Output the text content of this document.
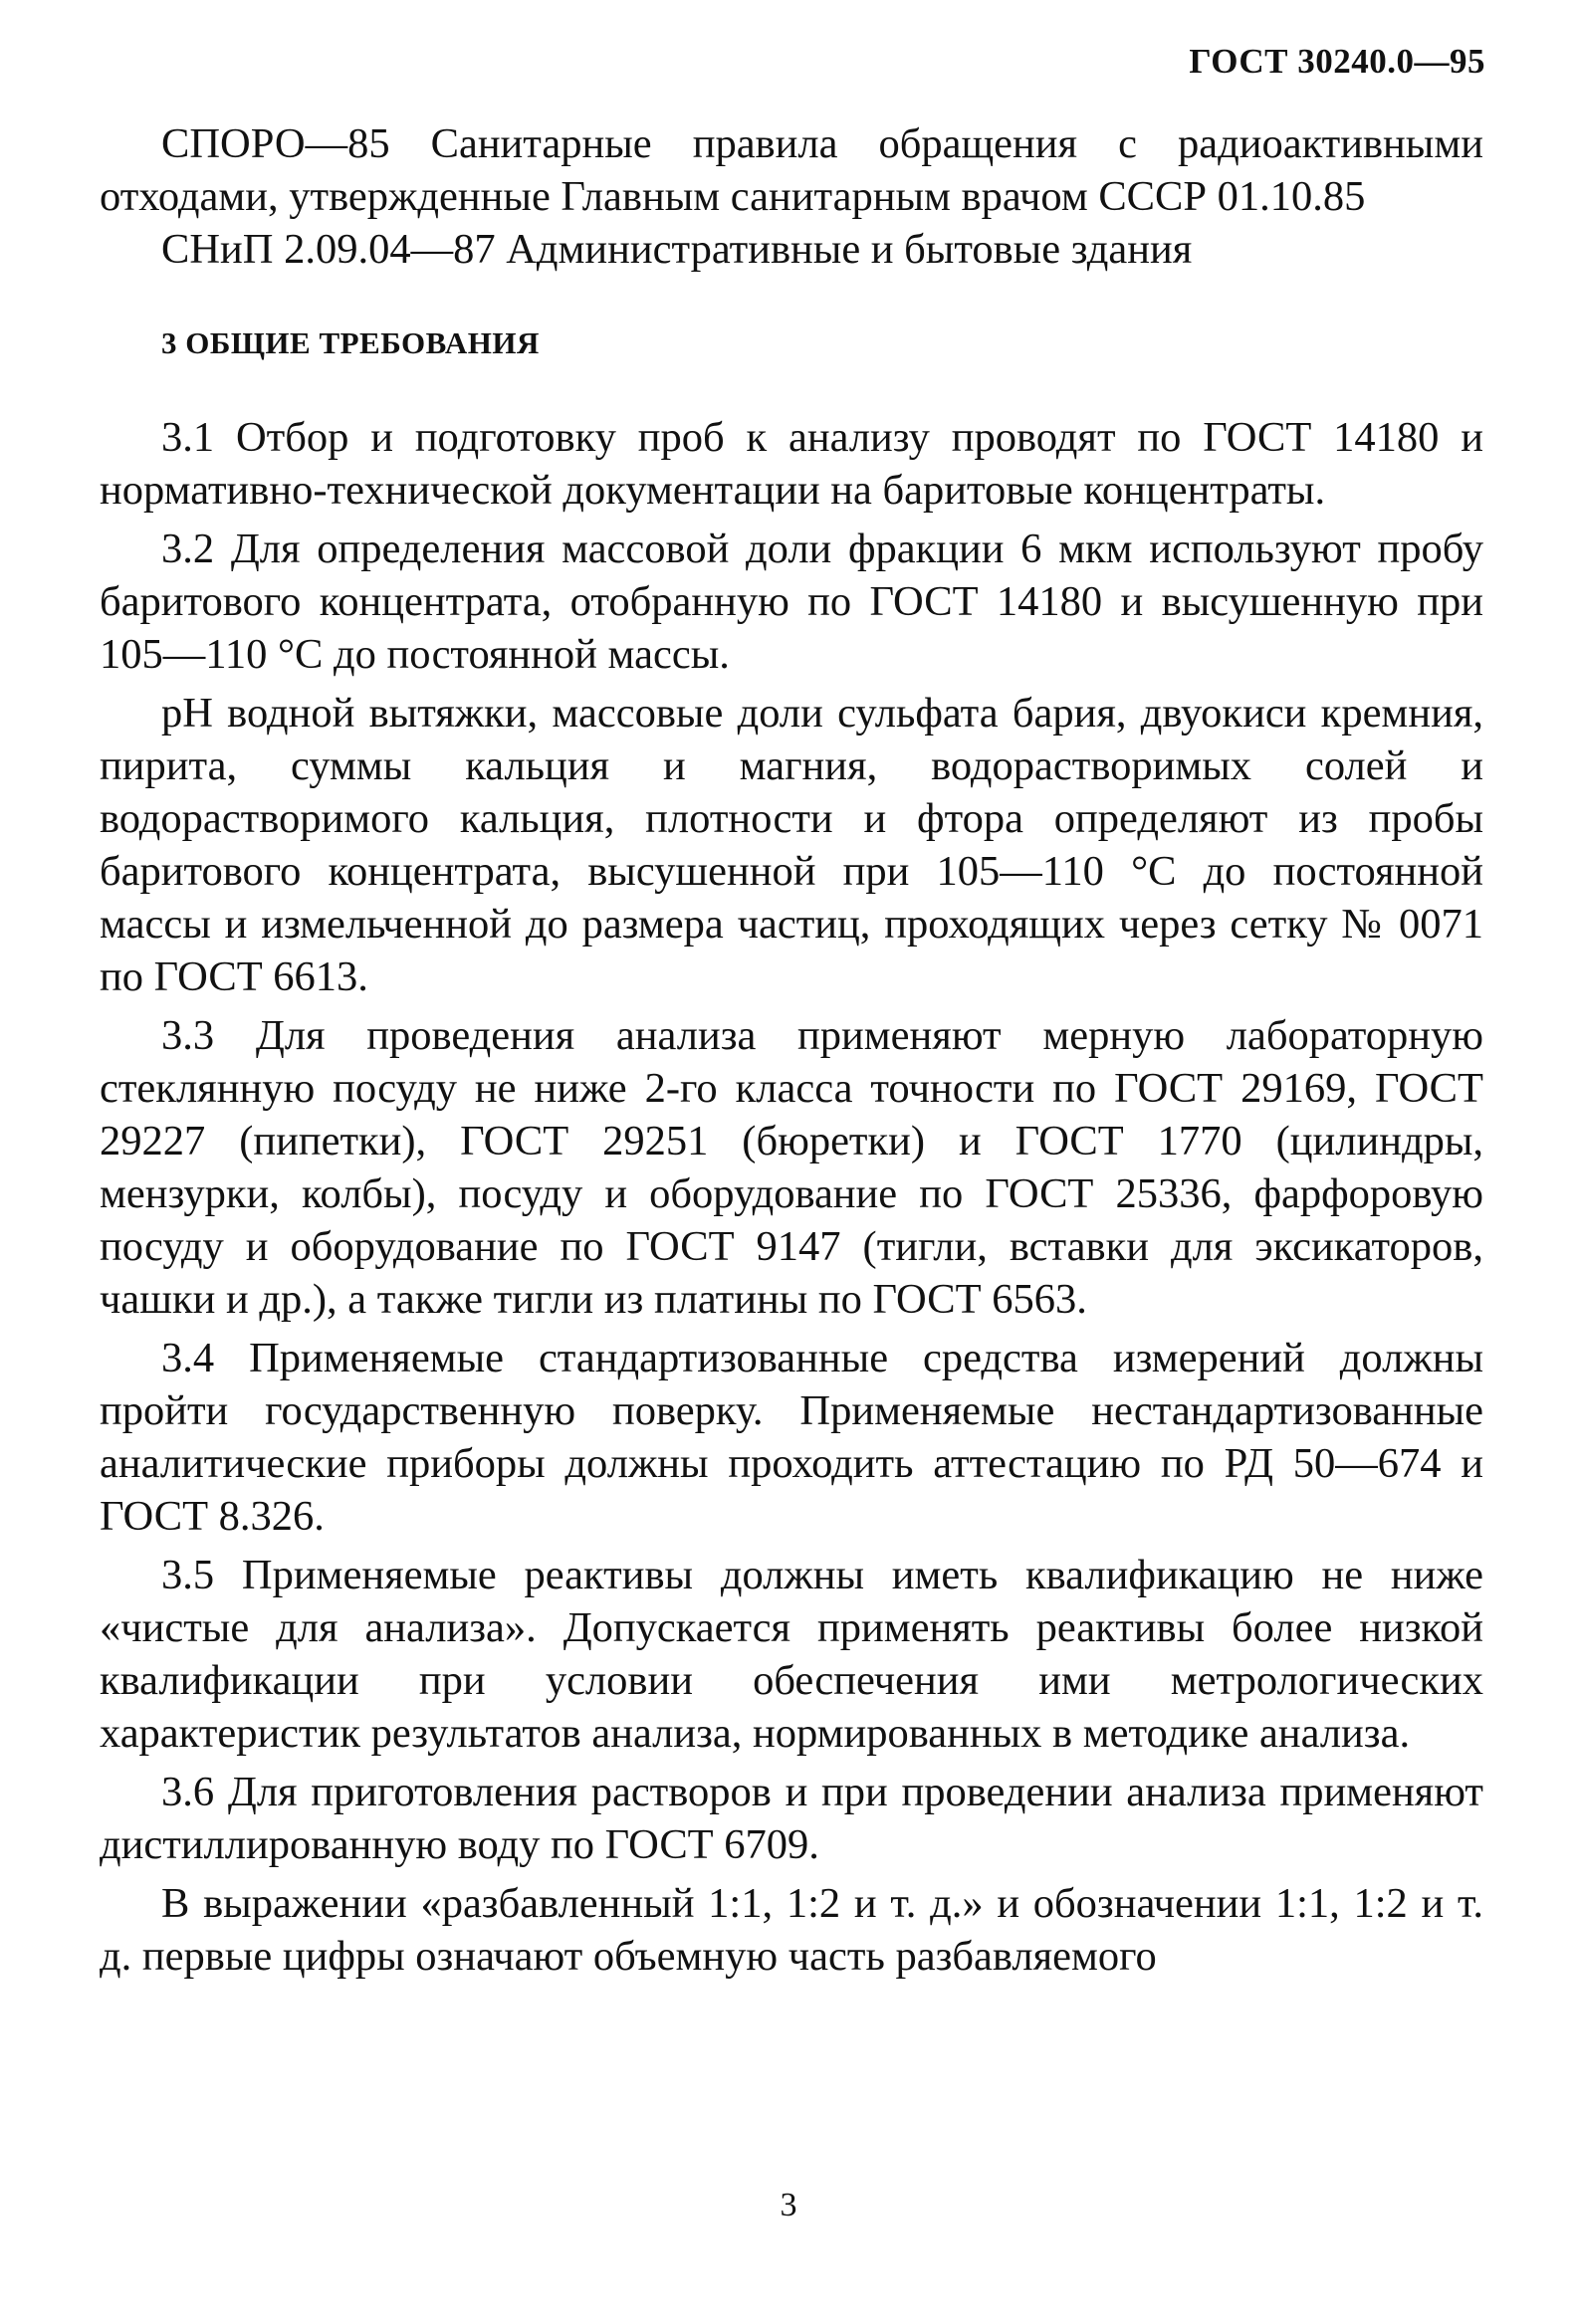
ГОСТ 30240.0—95

СПОРО—85 Санитарные правила обращения с радиоактивными отходами, утвержденные Главным санитарным врачом СССР 01.10.85

СНиП 2.09.04—87 Административные и бытовые здания

3 ОБЩИЕ ТРЕБОВАНИЯ

3.1 Отбор и подготовку проб к анализу проводят по ГОСТ 14180 и нормативно-технической документации на баритовые концентраты.

3.2 Для определения массовой доли фракции 6 мкм используют пробу баритового концентрата, отобранную по ГОСТ 14180 и высушенную при 105—110 °С до постоянной массы.

рН водной вытяжки, массовые доли сульфата бария, двуокиси кремния, пирита, суммы кальция и магния, водорастворимых солей и водорастворимого кальция, плотности и фтора определяют из пробы баритового концентрата, высушенной при 105—110 °С до постоянной массы и измельченной до размера частиц, проходящих через сетку № 0071 по ГОСТ 6613.

3.3 Для проведения анализа применяют мерную лабораторную стеклянную посуду не ниже 2-го класса точности по ГОСТ 29169, ГОСТ 29227 (пипетки), ГОСТ 29251 (бюретки) и ГОСТ 1770 (цилиндры, мензурки, колбы), посуду и оборудование по ГОСТ 25336, фарфоровую посуду и оборудование по ГОСТ 9147 (тигли, вставки для эксикаторов, чашки и др.), а также тигли из платины по ГОСТ 6563.

3.4 Применяемые стандартизованные средства измерений должны пройти государственную поверку. Применяемые нестандартизованные аналитические приборы должны проходить аттестацию по РД 50—674 и ГОСТ 8.326.

3.5 Применяемые реактивы должны иметь квалификацию не ниже «чистые для анализа». Допускается применять реактивы более низкой квалификации при условии обеспечения ими метрологических характеристик результатов анализа, нормированных в методике анализа.

3.6 Для приготовления растворов и при проведении анализа применяют дистиллированную воду по ГОСТ 6709.

В выражении «разбавленный 1:1, 1:2 и т. д.» и обозначении 1:1, 1:2 и т. д. первые цифры означают объемную часть разбавляемого

3
